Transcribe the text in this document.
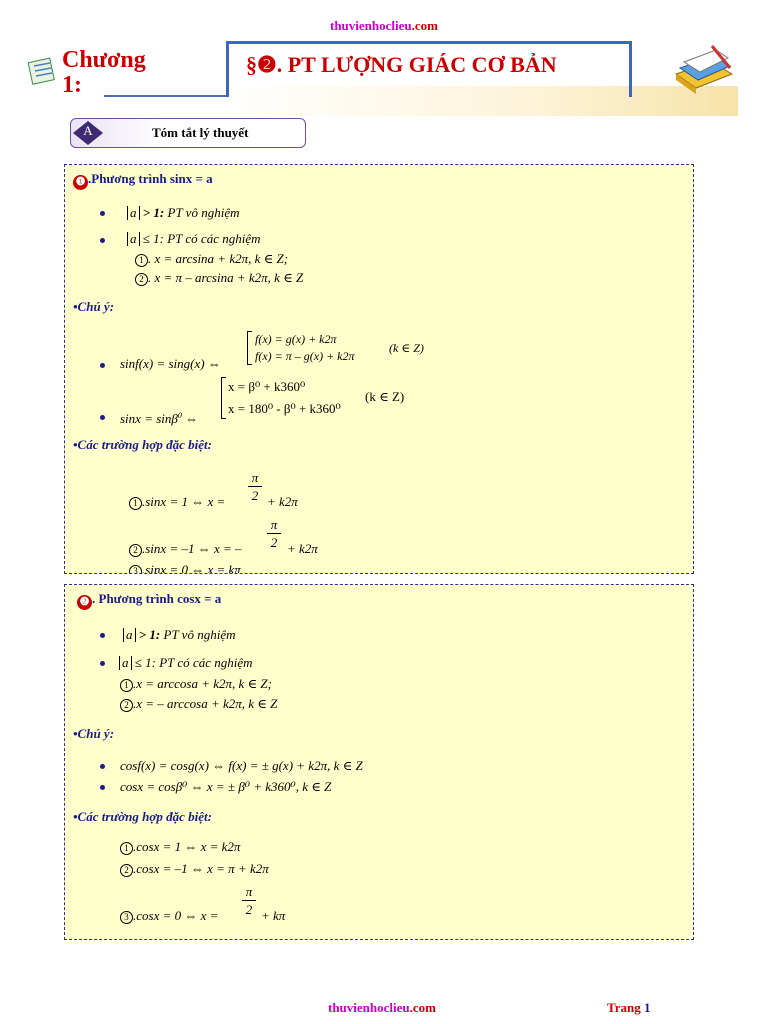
thuvienhoclieu.com
Chương
1:
§❷. PT LƯỢNG GIÁC CƠ BẢN
A	Tóm tắt lý thuyết
❶ .Phương trình sinx = a
a > 1: PT vô nghiệm
a ≤ 1: PT có các nghiệm
1 . x = arcsina + k2π, k ∈ Z;
2 . x = π – arcsina + k2π, k ∈ Z
•Chú ý:
sinf(x) = sing(x) ⇔
f(x) = g(x) + k2π
f(x) = π – g(x) + k2π
(k ∈ Z)
sinx = sinβ$^0$ ⇔
x = β⁰ + k360⁰
x = 180⁰ - β⁰ + k360⁰
(k ∈ Z)
•Các trường hợp đặc biệt:
1 .sinx = 1 ⇔ x =
π
2 + k2π
2 .sinx = –1 ⇔ x = –
π
2 + k2π
3 .sinx = 0 ⇔ x = kπ
❷ . Phương trình cosx = a
a > 1: PT vô nghiệm
a ≤ 1: PT có các nghiệm
1 .x = arccosa + k2π, k ∈ Z;
2 .x = – arccosa + k2π, k ∈ Z
•Chú ý:
cosf(x) = cosg(x) ⇔ f(x) = ± g(x) + k2π, k ∈ Z
cosx = cosβ⁰ ⇔ x = ± β⁰ + k360⁰, k ∈ Z
•Các trường hợp đặc biệt:
1 .cosx = 1 ⇔ x = k2π
2 .cosx = –1 ⇔ x = π + k2π
3 .cosx = 0 ⇔ x =
π
2 + kπ
thuvienhoclieu.com	Trang 1
